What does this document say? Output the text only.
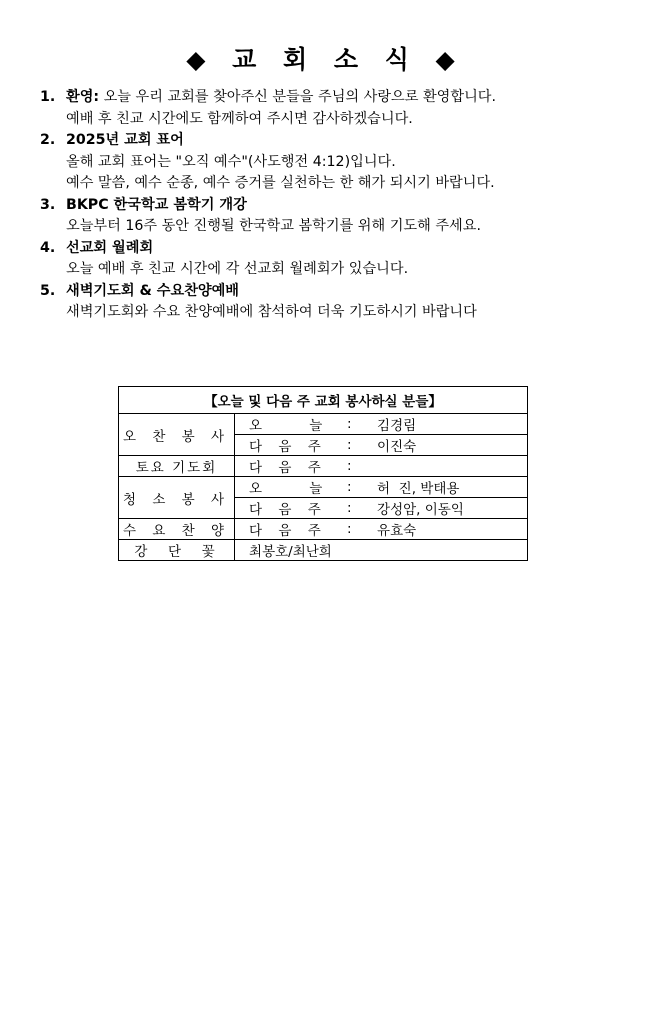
◆ 교 회 소 식 ◆
1. 환영: 오늘 우리 교회를 찾아주신 분들을 주님의 사랑으로 환영합니다.
예배 후 친교 시간에도 함께하여 주시면 감사하겠습니다.
2. 2025년 교회 표어
올해 교회 표어는 "오직 예수"(사도행전 4:12)입니다.
예수 말씀, 예수 순종, 예수 증거를 실천하는 한 해가 되시기 바랍니다.
3. BKPC 한국학교 봄학기 개강
오늘부터 16주 동안 진행될 한국학교 봄학기를 위해 기도해 주세요.
4. 선교회 월례회
오늘 예배 후 친교 시간에 각 선교회 월례회가 있습니다.
5. 새벽기도회 & 수요찬양예배
새벽기도회와 수요 찬양예배에 참석하여 더욱 기도하시기 바랍니다
【오늘 및 다음 주 교회 봉사하실 분들】	
오 찬 봉 사	오    늘 : 김경림

	다 음 주 : 이진숙

토요 기도회	다 음 주 :

청 소 봉 사	오    늘 : 허  진, 박태용

	다 음 주 : 강성암, 이동익

수 요 찬 양	다 음 주 : 유효숙

강  단  꽃	최봉호/최난희
